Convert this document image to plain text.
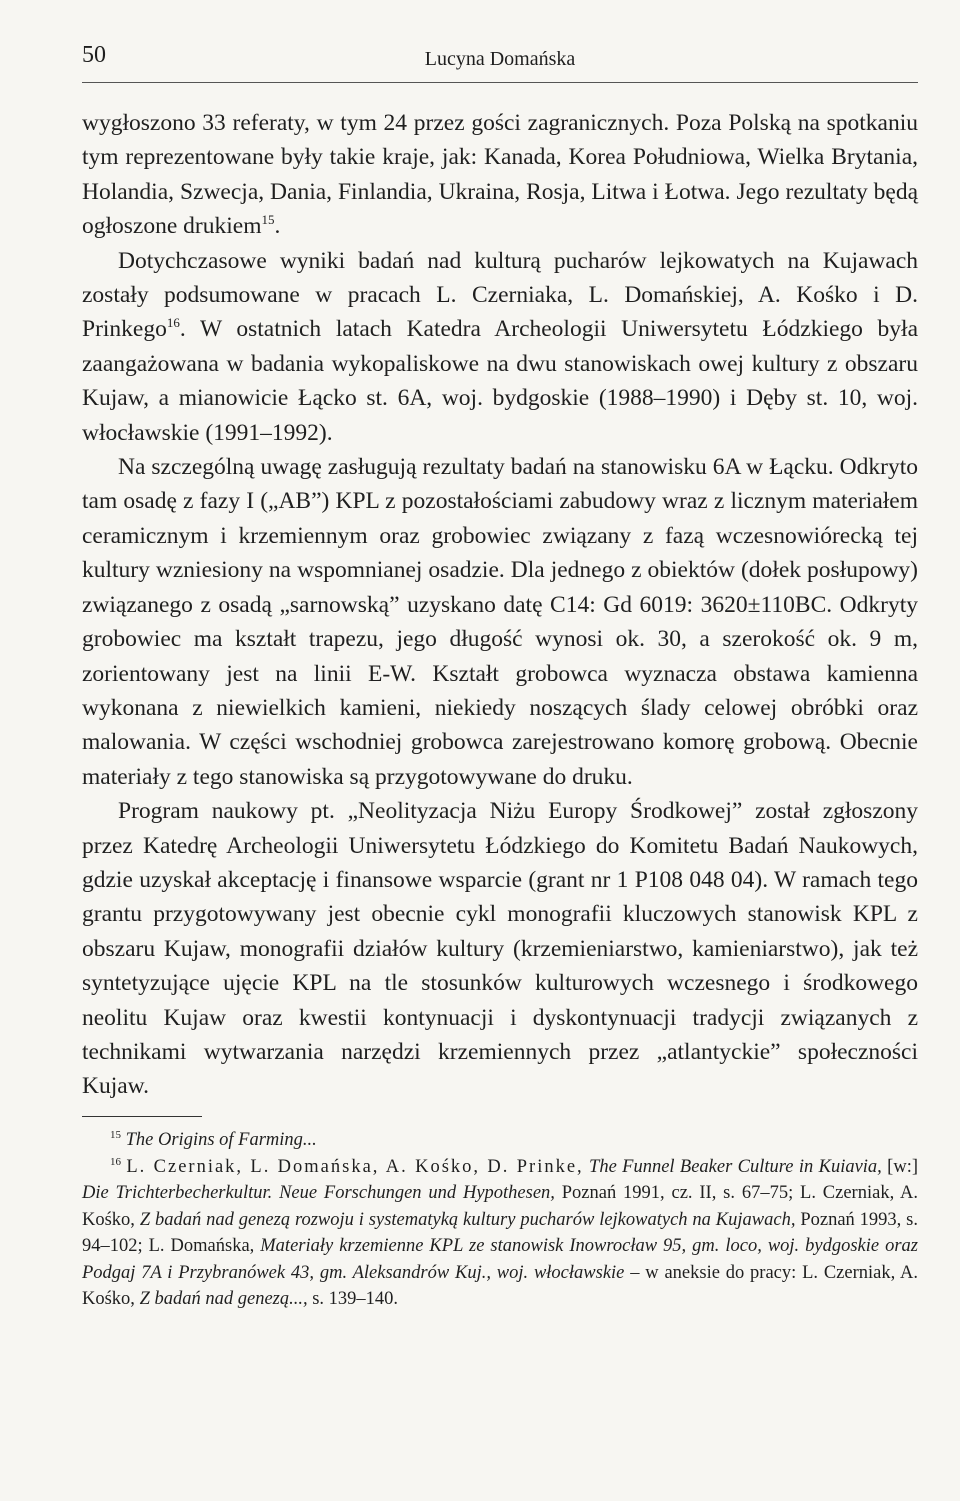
50	Lucyna Domańska

wygłoszono 33 referaty, w tym 24 przez gości zagranicznych. Poza Polską na spotkaniu tym reprezentowane były takie kraje, jak: Kanada, Korea Południowa, Wielka Brytania, Holandia, Szwecja, Dania, Finlandia, Ukraina, Rosja, Litwa i Łotwa. Jego rezultaty będą ogłoszone drukiem$^{15}$.

Dotychczasowe wyniki badań nad kulturą pucharów lejkowatych na Kujawach zostały podsumowane w pracach L. Czerniaka, L. Domańskiej, A. Kośko i D. Prinkego$^{16}$. W ostatnich latach Katedra Archeologii Uniwersytetu Łódzkiego była zaangażowana w badania wykopaliskowe na dwu stanowiskach owej kultury z obszaru Kujaw, a mianowicie Łącko st. 6A, woj. bydgoskie (1988–1990) i Dęby st. 10, woj. włocławskie (1991–1992).

Na szczególną uwagę zasługują rezultaty badań na stanowisku 6A w Łącku. Odkryto tam osadę z fazy I („AB”) KPL z pozostałościami zabudowy wraz z licznym materiałem ceramicznym i krzemiennym oraz grobowiec związany z fazą wczesnowiórecką tej kultury wzniesiony na wspomnianej osadzie. Dla jednego z obiektów (dołek posłupowy) związanego z osadą „sarnowską” uzyskano datę C14: Gd 6019: 3620±110BC. Odkryty grobowiec ma kształt trapezu, jego długość wynosi ok. 30, a szerokość ok. 9 m, zorientowany jest na linii E-W. Kształt grobowca wyznacza obstawa kamienna wykonana z niewielkich kamieni, niekiedy noszących ślady celowej obróbki oraz malowania. W części wschodniej grobowca zarejestrowano komorę grobową. Obecnie materiały z tego stanowiska są przygotowywane do druku.

Program naukowy pt. „Neolityzacja Niżu Europy Środkowej” został zgłoszony przez Katedrę Archeologii Uniwersytetu Łódzkiego do Komitetu Badań Naukowych, gdzie uzyskał akceptację i finansowe wsparcie (grant nr 1 P108 048 04). W ramach tego grantu przygotowywany jest obecnie cykl monografii kluczowych stanowisk KPL z obszaru Kujaw, monografii działów kultury (krzemieniarstwo, kamieniarstwo), jak też syntetyzujące ujęcie KPL na tle stosunków kulturowych wczesnego i środkowego neolitu Kujaw oraz kwestii kontynuacji i dyskontynuacji tradycji związanych z technikami wytwarzania narzędzi krzemiennych przez „atlantyckie” społeczności Kujaw.

$^{15}$ The Origins of Farming...

$^{16}$ L. Czerniak, L. Domańska, A. Kośko, D. Prinke, The Funnel Beaker Culture in Kuiavia, [w:] Die Trichterbecherkultur. Neue Forschungen und Hypothesen, Poznań 1991, cz. II, s. 67–75; L. Czerniak, A. Kośko, Z badań nad genezą rozwoju i systematyką kultury pucharów lejkowatych na Kujawach, Poznań 1993, s. 94–102; L. Domańska, Materiały krzemienne KPL ze stanowisk Inowrocław 95, gm. loco, woj. bydgoskie oraz Podgaj 7A i Przybranówek 43, gm. Aleksandrów Kuj., woj. włocławskie – w aneksie do pracy: L. Czerniak, A. Kośko, Z badań nad genezą..., s. 139–140.
